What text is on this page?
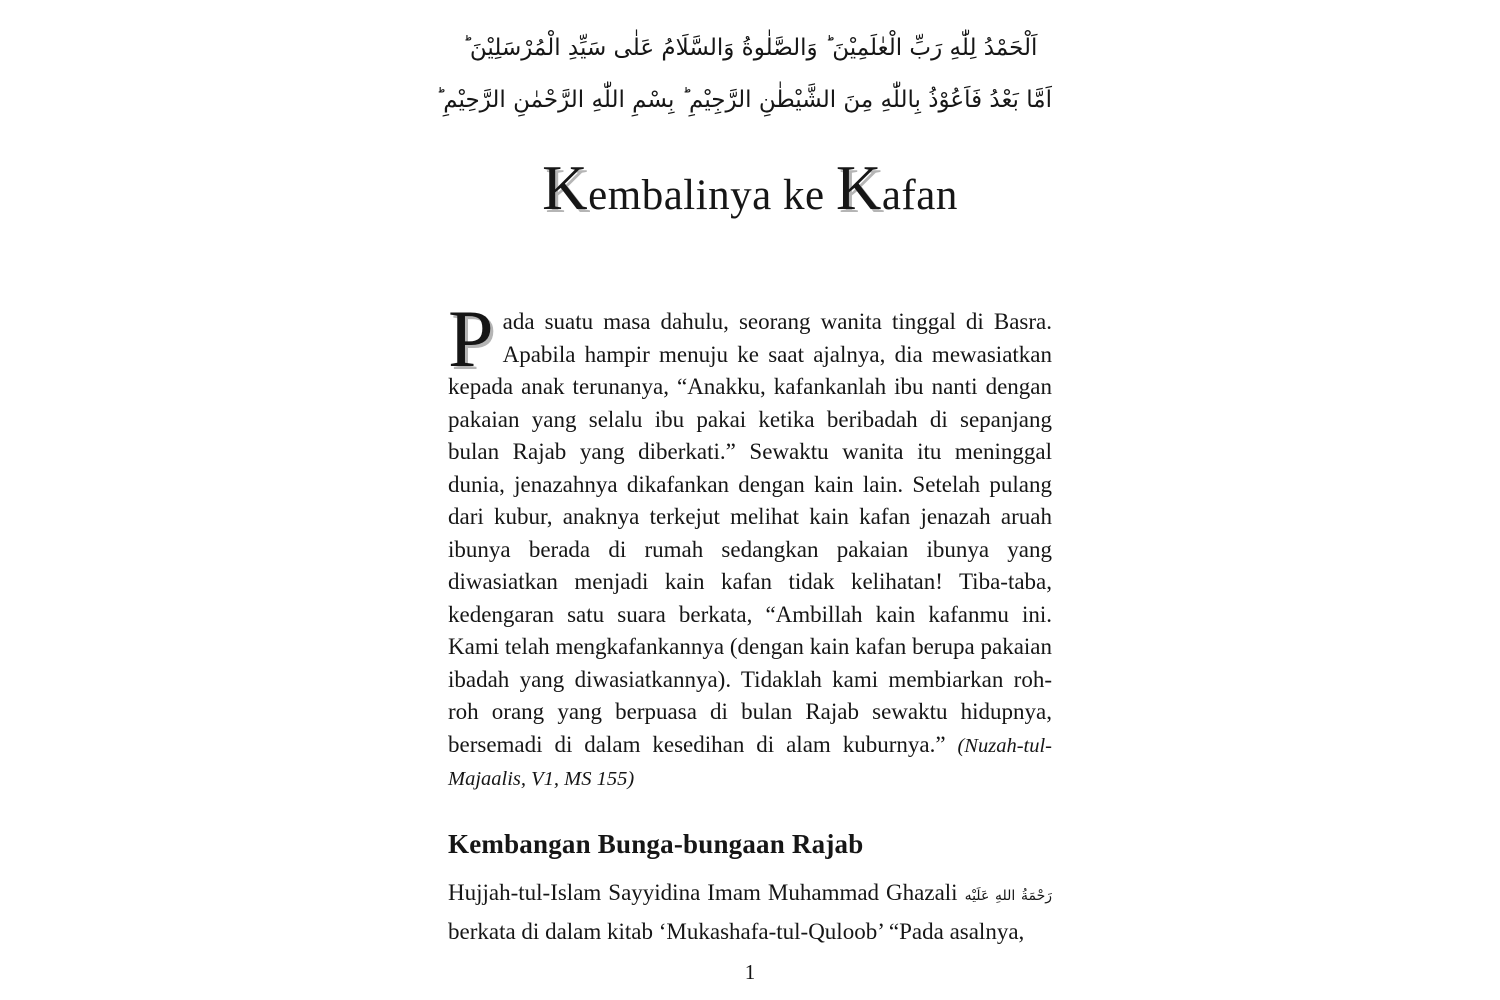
اَلْحَمْدُ لِلّٰهِ رَبِّ الْعٰلَمِيْنَ ؕ وَالصَّلٰوةُ وَالسَّلَامُ عَلٰى سَيِّدِ الْمُرْسَلِيْنَ ؕ
اَمَّا بَعْدُ فَاَعُوْذُ بِاللّٰهِ مِنَ الشَّيْطٰنِ الرَّجِيْمِ ؕ بِسْمِ اللّٰهِ الرَّحْمٰنِ الرَّحِيْمِ ؕ
Kembalinya ke Kafan

Pada suatu masa dahulu, seorang wanita tinggal di Basra. Apabila hampir menuju ke saat ajalnya, dia mewasiatkan kepada anak terunanya, “Anakku, kafankanlah ibu nanti dengan pakaian yang selalu ibu pakai ketika beribadah di sepanjang bulan Rajab yang diberkati.” Sewaktu wanita itu meninggal dunia, jenazahnya dikafankan dengan kain lain. Setelah pulang dari kubur, anaknya terkejut melihat kain kafan jenazah aruah ibunya berada di rumah sedangkan pakaian ibunya yang diwasiatkan menjadi kain kafan tidak kelihatan! Tiba-taba, kedengaran satu suara berkata, “Ambillah kain kafanmu ini. Kami telah mengkafankannya (dengan kain kafan berupa pakaian ibadah yang diwasiatkannya). Tidaklah kami membiarkan roh-roh orang yang berpuasa di bulan Rajab sewaktu hidupnya, bersemadi di dalam kesedihan di alam kuburnya.” (Nuzah-tul-Majaalis, V1, MS 155)

Kembangan Bunga-bungaan Rajab

Hujjah-tul-Islam Sayyidina Imam Muhammad Ghazali رَحْمَةُ اللهِ عَلَيْه berkata di dalam kitab ‘Mukashafa-tul-Quloob’ “Pada asalnya,

1
